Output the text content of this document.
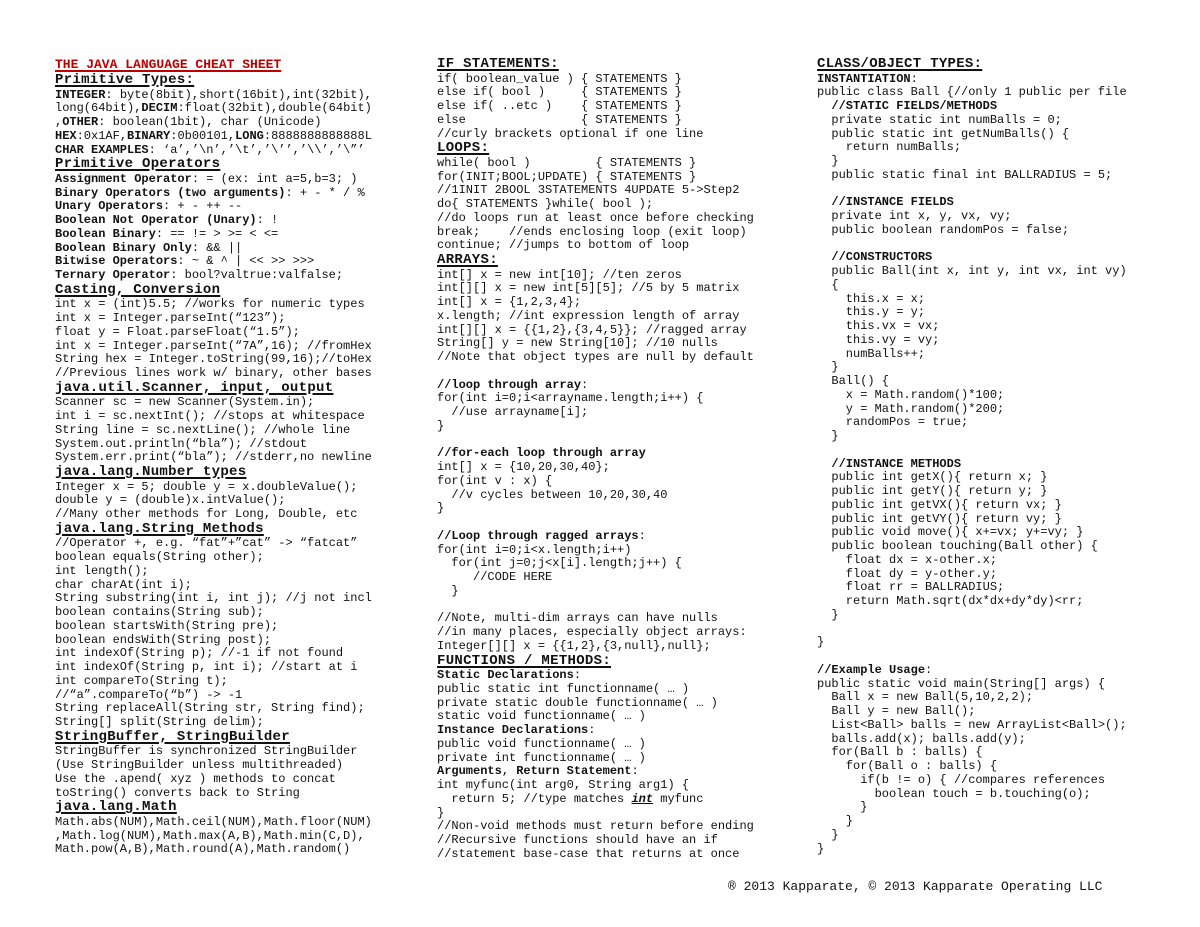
THE JAVA LANGUAGE CHEAT SHEET
Primitive Types:
INTEGER: byte(8bit),short(16bit),int(32bit),
long(64bit),DECIM:float(32bit),double(64bit)
,OTHER: boolean(1bit), char (Unicode)
HEX:0x1AF,BINARY:0b00101,LONG:8888888888888L
CHAR EXAMPLES: ‘a’,’\n’,’\t’,’\’’,’\\’,’\”’
Primitive Operators
Assignment Operator: = (ex: int a=5,b=3; )
Binary Operators (two arguments): + - * / %
Unary Operators: + - ++ --
Boolean Not Operator (Unary): !
Boolean Binary: == != > >= < <=
Boolean Binary Only: && ||
Bitwise Operators: ~ & ^ | << >> >>>
Ternary Operator: bool?valtrue:valfalse;
Casting, Conversion
int x = (int)5.5; //works for numeric types
int x = Integer.parseInt(“123”);
float y = Float.parseFloat(“1.5”);
int x = Integer.parseInt(“7A”,16); //fromHex
String hex = Integer.toString(99,16);//toHex
//Previous lines work w/ binary, other bases
java.util.Scanner, input, output
Scanner sc = new Scanner(System.in);
int i = sc.nextInt(); //stops at whitespace
String line = sc.nextLine(); //whole line
System.out.println(“bla”); //stdout
System.err.print(“bla”); //stderr,no newline
java.lang.Number types
Integer x = 5; double y = x.doubleValue();
double y = (double)x.intValue();
//Many other methods for Long, Double, etc
java.lang.String Methods
//Operator +, e.g. “fat”+”cat” -> “fatcat”
boolean equals(String other);
int length();
char charAt(int i);
String substring(int i, int j); //j not incl
boolean contains(String sub);
boolean startsWith(String pre);
boolean endsWith(String post);
int indexOf(String p); //-1 if not found
int indexOf(String p, int i); //start at i
int compareTo(String t);
//“a”.compareTo(“b”) -> -1
String replaceAll(String str, String find);
String[] split(String delim);
StringBuffer, StringBuilder
StringBuffer is synchronized StringBuilder
(Use StringBuilder unless multithreaded)
Use the .apend( xyz ) methods to concat
toString() converts back to String
java.lang.Math
Math.abs(NUM),Math.ceil(NUM),Math.floor(NUM)
,Math.log(NUM),Math.max(A,B),Math.min(C,D),
Math.pow(A,B),Math.round(A),Math.random()
IF STATEMENTS:
if( boolean_value ) { STATEMENTS }
else if( bool )     { STATEMENTS }
else if( ..etc )    { STATEMENTS }
else                { STATEMENTS }
//curly brackets optional if one line
LOOPS:
while( bool )         { STATEMENTS }
for(INIT;BOOL;UPDATE) { STATEMENTS }
//1INIT 2BOOL 3STATEMENTS 4UPDATE 5->Step2
do{ STATEMENTS }while( bool );
//do loops run at least once before checking
break;    //ends enclosing loop (exit loop)
continue; //jumps to bottom of loop
ARRAYS:
int[] x = new int[10]; //ten zeros
int[][] x = new int[5][5]; //5 by 5 matrix
int[] x = {1,2,3,4};
x.length; //int expression length of array
int[][] x = {{1,2},{3,4,5}}; //ragged array
String[] y = new String[10]; //10 nulls
//Note that object types are null by default
//loop through array:
for(int i=0;i<arrayname.length;i++) {
//use arrayname[i];
}
//for-each loop through array
int[] x = {10,20,30,40};
for(int v : x) {
//v cycles between 10,20,30,40
}
//Loop through ragged arrays:
for(int i=0;i<x.length;i++)
for(int j=0;j<x[i].length;j++) {
//CODE HERE
}
//Note, multi-dim arrays can have nulls
//in many places, especially object arrays:
Integer[][] x = {{1,2},{3,null},null};
FUNCTIONS / METHODS:
Static Declarations:
public static int functionname( … )
private static double functionname( … )
static void functionname( … )
Instance Declarations:
public void functionname( … )
private int functionname( … )
Arguments, Return Statement:
int myfunc(int arg0, String arg1) {
return 5; //type matches int myfunc
}
//Non-void methods must return before ending
//Recursive functions should have an if
//statement base-case that returns at once
CLASS/OBJECT TYPES:
INSTANTIATION:
public class Ball {//only 1 public per file
//STATIC FIELDS/METHODS
private static int numBalls = 0;
public static int getNumBalls() {
return numBalls;
}
public static final int BALLRADIUS = 5;
//INSTANCE FIELDS
private int x, y, vx, vy;
public boolean randomPos = false;
//CONSTRUCTORS
public Ball(int x, int y, int vx, int vy)
{
this.x = x;
this.y = y;
this.vx = vx;
this.vy = vy;
numBalls++;
}
Ball() {
x = Math.random()*100;
y = Math.random()*200;
randomPos = true;
}
//INSTANCE METHODS
public int getX(){ return x; }
public int getY(){ return y; }
public int getVX(){ return vx; }
public int getVY(){ return vy; }
public void move(){ x+=vx; y+=vy; }
public boolean touching(Ball other) {
float dx = x-other.x;
float dy = y-other.y;
float rr = BALLRADIUS;
return Math.sqrt(dx*dx+dy*dy)<rr;
}
}
//Example Usage:
public static void main(String[] args) {
Ball x = new Ball(5,10,2,2);
Ball y = new Ball();
List<Ball> balls = new ArrayList<Ball>();
balls.add(x); balls.add(y);
for(Ball b : balls) {
for(Ball o : balls) {
if(b != o) { //compares references
boolean touch = b.touching(o);
}
}
}
}
® 2013 Kapparate, © 2013 Kapparate Operating LLC
